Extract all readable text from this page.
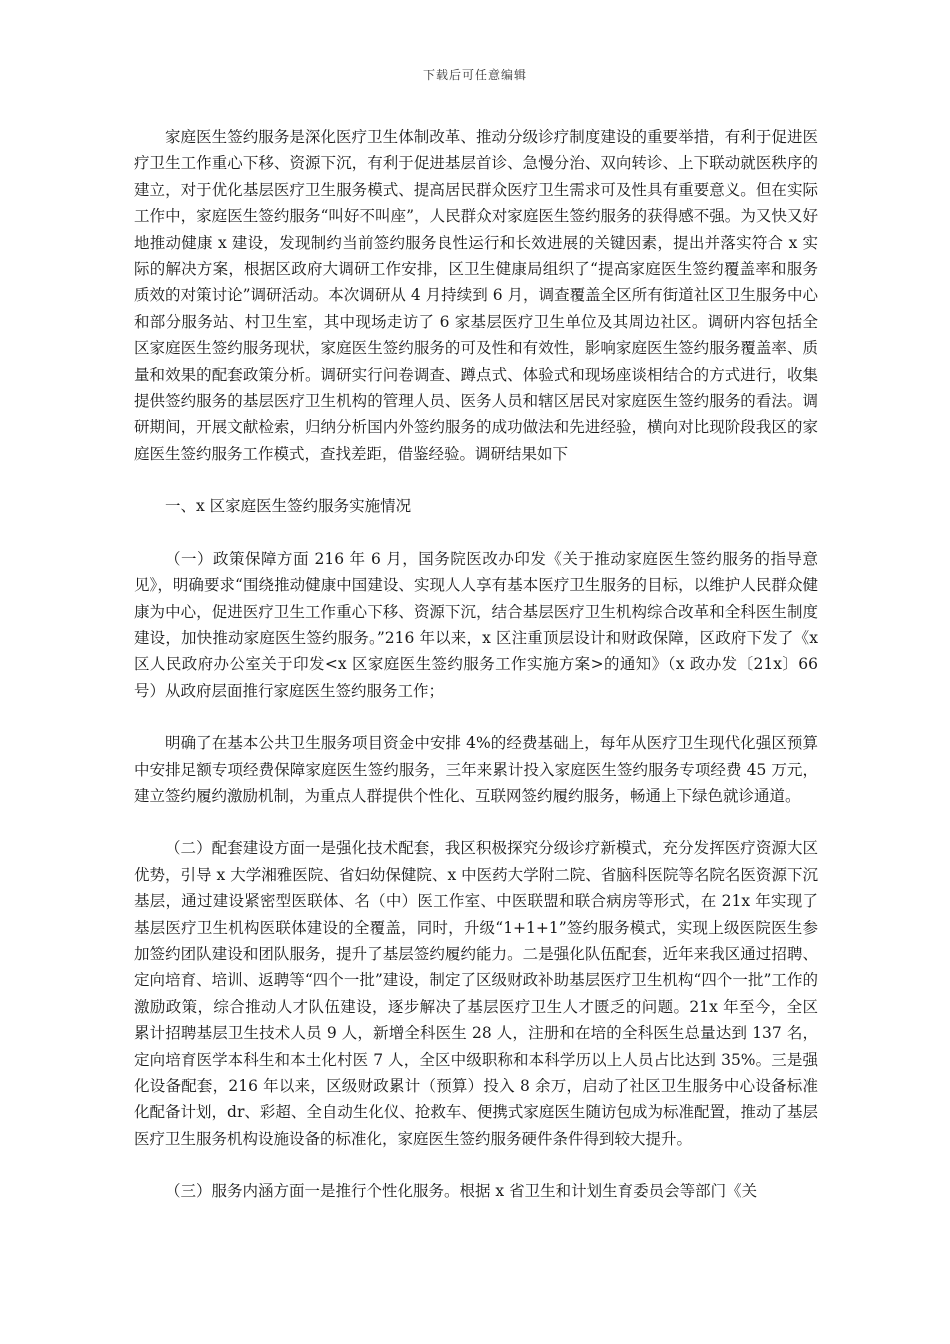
下载后可任意编辑

家庭医生签约服务是深化医疗卫生体制改革、推动分级诊疗制度建设的重要举措，有利于促进医疗卫生工作重心下移、资源下沉，有利于促进基层首诊、急慢分治、双向转诊、上下联动就医秩序的建立，对于优化基层医疗卫生服务模式、提高居民群众医疗卫生需求可及性具有重要意义。但在实际工作中，家庭医生签约服务“叫好不叫座”，人民群众对家庭医生签约服务的获得感不强。为又快又好地推动健康 x 建设，发现制约当前签约服务良性运行和长效进展的关键因素，提出并落实符合 x 实际的解决方案，根据区政府大调研工作安排，区卫生健康局组织了“提高家庭医生签约覆盖率和服务质效的对策讨论”调研活动。本次调研从 4 月持续到 6 月，调查覆盖全区所有街道社区卫生服务中心和部分服务站、村卫生室，其中现场走访了 6 家基层医疗卫生单位及其周边社区。调研内容包括全区家庭医生签约服务现状，家庭医生签约服务的可及性和有效性，影响家庭医生签约服务覆盖率、质量和效果的配套政策分析。调研实行问卷调查、蹲点式、体验式和现场座谈相结合的方式进行，收集提供签约服务的基层医疗卫生机构的管理人员、医务人员和辖区居民对家庭医生签约服务的看法。调研期间，开展文献检索，归纳分析国内外签约服务的成功做法和先进经验，横向对比现阶段我区的家庭医生签约服务工作模式，查找差距，借鉴经验。调研结果如下

一、x 区家庭医生签约服务实施情况

（一）政策保障方面 216 年 6 月，国务院医改办印发《关于推动家庭医生签约服务的指导意见》，明确要求“围绕推动健康中国建设、实现人人享有基本医疗卫生服务的目标，以维护人民群众健康为中心，促进医疗卫生工作重心下移、资源下沉，结合基层医疗卫生机构综合改革和全科医生制度建设，加快推动家庭医生签约服务。”216 年以来，x 区注重顶层设计和财政保障，区政府下发了《x 区人民政府办公室关于印发<x 区家庭医生签约服务工作实施方案>的通知》（x 政办发〔21x〕66 号）从政府层面推行家庭医生签约服务工作；

明确了在基本公共卫生服务项目资金中安排 4%的经费基础上，每年从医疗卫生现代化强区预算中安排足额专项经费保障家庭医生签约服务，三年来累计投入家庭医生签约服务专项经费 45 万元，建立签约履约激励机制，为重点人群提供个性化、互联网签约履约服务，畅通上下绿色就诊通道。

（二）配套建设方面一是强化技术配套，我区积极探究分级诊疗新模式，充分发挥医疗资源大区优势，引导 x 大学湘雅医院、省妇幼保健院、x 中医药大学附二院、省脑科医院等名院名医资源下沉基层，通过建设紧密型医联体、名（中）医工作室、中医联盟和联合病房等形式，在 21x 年实现了基层医疗卫生机构医联体建设的全覆盖，同时，升级“1+1+1”签约服务模式，实现上级医院医生参加签约团队建设和团队服务，提升了基层签约履约能力。二是强化队伍配套，近年来我区通过招聘、定向培育、培训、返聘等“四个一批”建设，制定了区级财政补助基层医疗卫生机构“四个一批”工作的激励政策，综合推动人才队伍建设，逐步解决了基层医疗卫生人才匮乏的问题。21x 年至今，全区累计招聘基层卫生技术人员 9 人，新增全科医生 28 人，注册和在培的全科医生总量达到 137 名，定向培育医学本科生和本土化村医 7 人，全区中级职称和本科学历以上人员占比达到 35%。三是强化设备配套，216 年以来，区级财政累计（预算）投入 8 余万，启动了社区卫生服务中心设备标准化配备计划，dr、彩超、全自动生化仪、抢救车、便携式家庭医生随访包成为标准配置，推动了基层医疗卫生服务机构设施设备的标准化，家庭医生签约服务硬件条件得到较大提升。

（三）服务内涵方面一是推行个性化服务。根据 x 省卫生和计划生育委员会等部门《关
